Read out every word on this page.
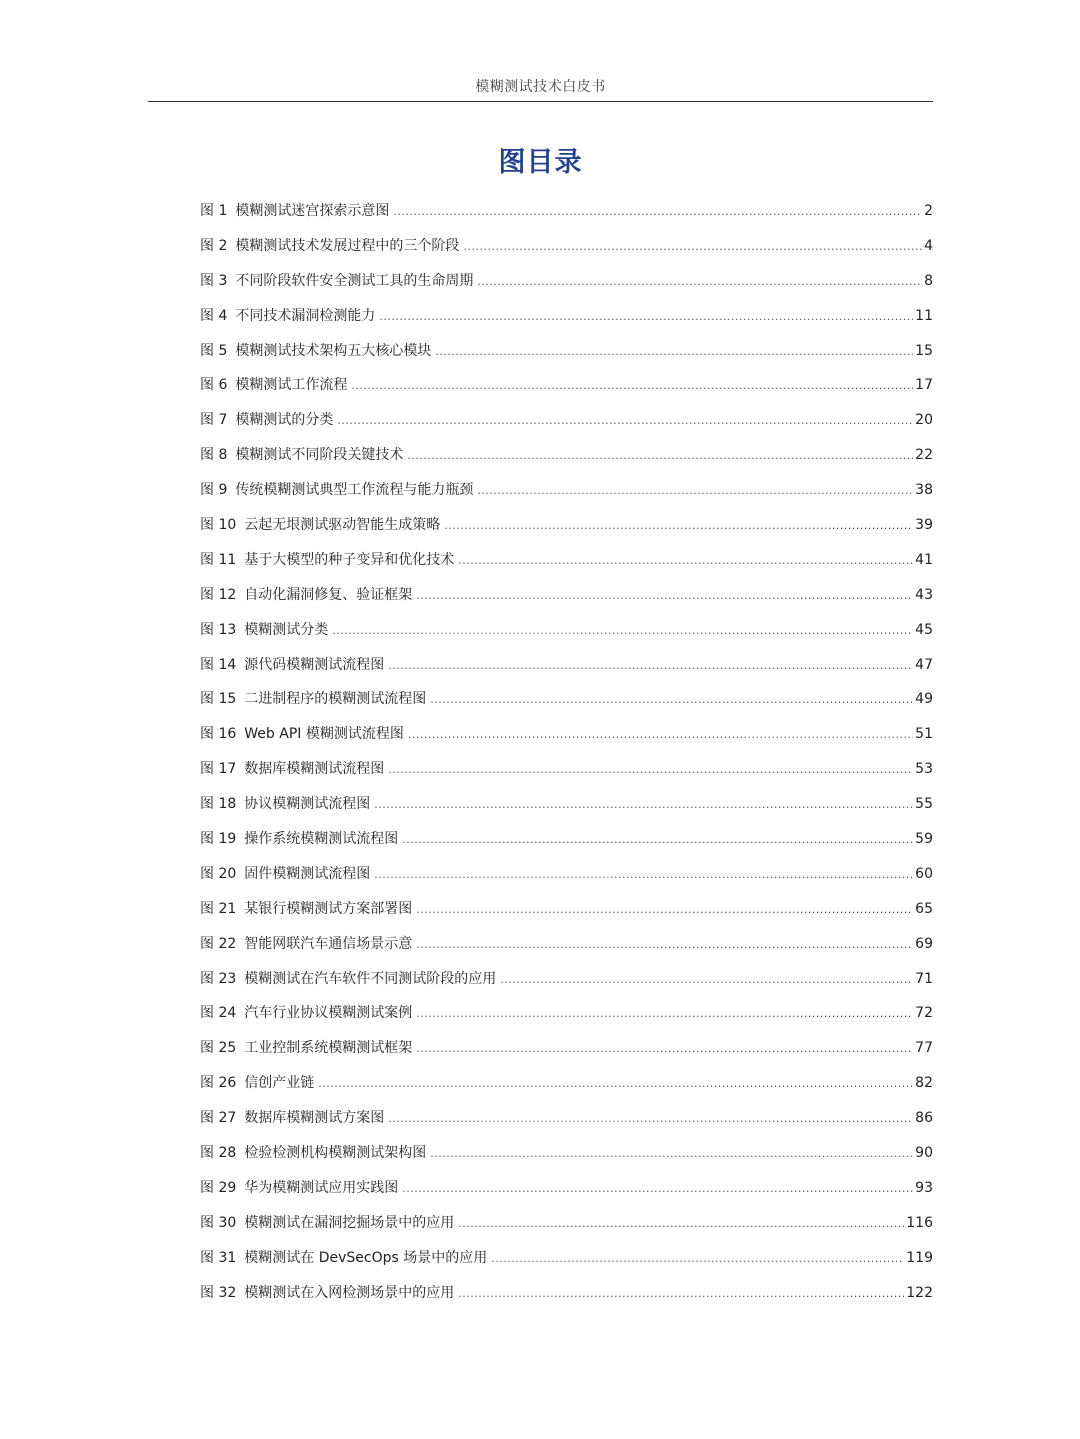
模糊测试技术白皮书
图目录
图 1 模糊测试迷宫探索示意图 .....	2
图 2 模糊测试技术发展过程中的三个阶段 .....	4
图 3 不同阶段软件安全测试工具的生命周期 .....	8
图 4 不同技术漏洞检测能力 .....	11
图 5 模糊测试技术架构五大核心模块 .....	15
图 6 模糊测试工作流程 .....	17
图 7 模糊测试的分类 .....	20
图 8 模糊测试不同阶段关键技术 .....	22
图 9 传统模糊测试典型工作流程与能力瓶颈 .....	38
图 10 云起无垠测试驱动智能生成策略 .....	39
图 11 基于大模型的种子变异和优化技术 .....	41
图 12 自动化漏洞修复、验证框架 .....	43
图 13 模糊测试分类 .....	45
图 14 源代码模糊测试流程图 .....	47
图 15 二进制程序的模糊测试流程图 .....	49
图 16 Web API 模糊测试流程图 .....	51
图 17 数据库模糊测试流程图 .....	53
图 18 协议模糊测试流程图 .....	55
图 19 操作系统模糊测试流程图 .....	59
图 20 固件模糊测试流程图 .....	60
图 21 某银行模糊测试方案部署图 .....	65
图 22 智能网联汽车通信场景示意 .....	69
图 23 模糊测试在汽车软件不同测试阶段的应用 .....	71
图 24 汽车行业协议模糊测试案例 .....	72
图 25 工业控制系统模糊测试框架 .....	77
图 26 信创产业链 .....	82
图 27 数据库模糊测试方案图 .....	86
图 28 检验检测机构模糊测试架构图 .....	90
图 29 华为模糊测试应用实践图 .....	93
图 30 模糊测试在漏洞挖掘场景中的应用 .....	116
图 31 模糊测试在 DevSecOps 场景中的应用 .....	119
图 32 模糊测试在入网检测场景中的应用 .....	122
